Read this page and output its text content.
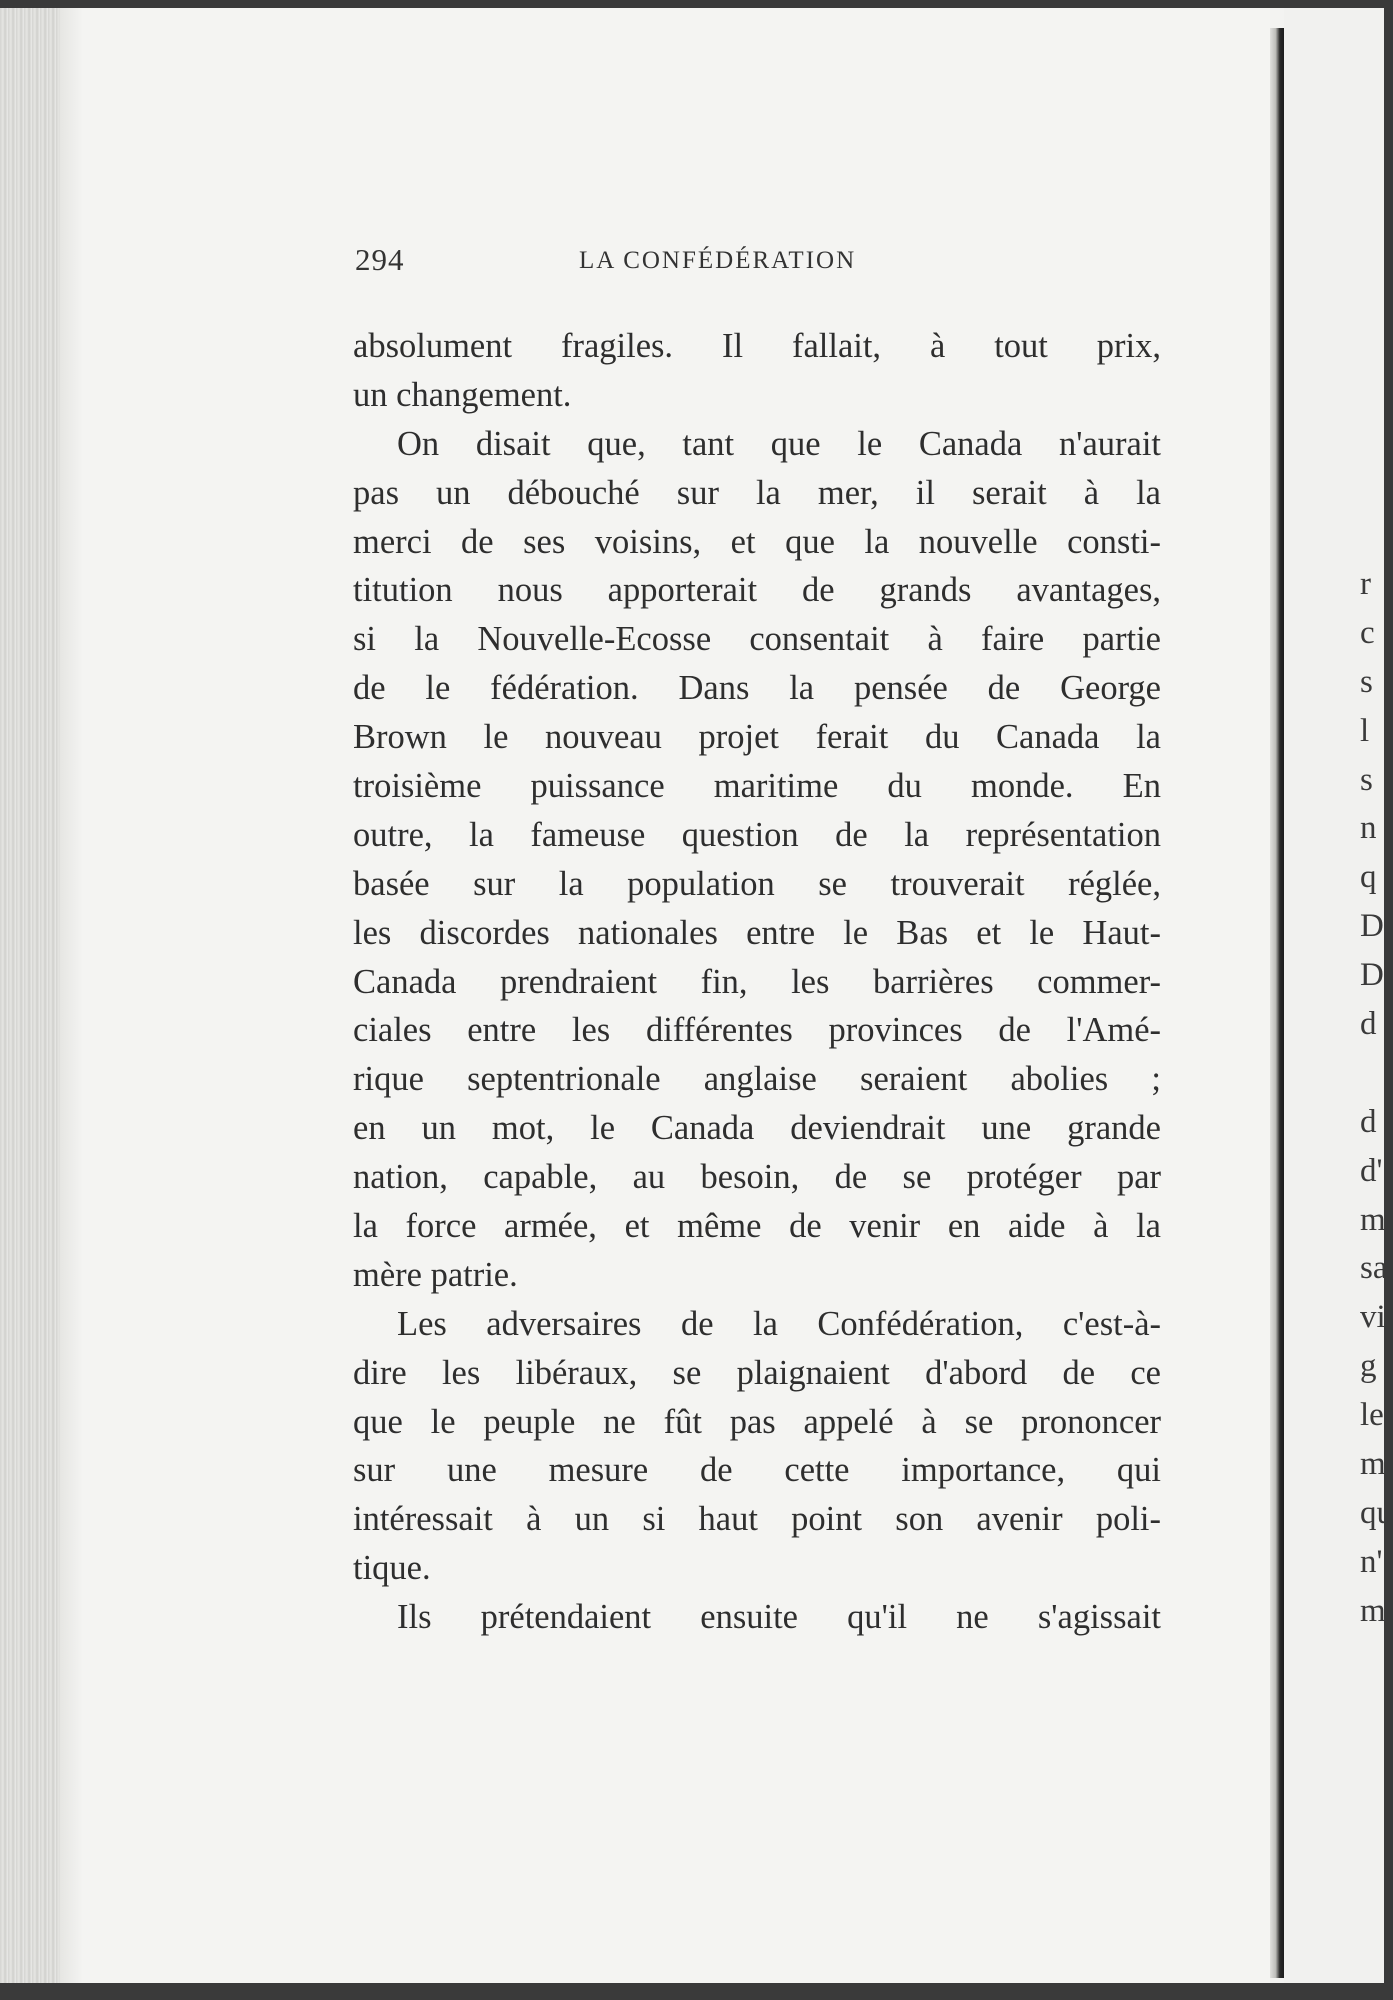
294	LA CONFÉDÉRATION
absolument fragiles. Il fallait, à tout prix,
un changement.
On disait que, tant que le Canada n'aurait
pas un débouché sur la mer, il serait à la
merci de ses voisins, et que la nouvelle consti-
titution nous apporterait de grands avantages,
si la Nouvelle-Ecosse consentait à faire partie
de le fédération. Dans la pensée de George
Brown le nouveau projet ferait du Canada la
troisième puissance maritime du monde. En
outre, la fameuse question de la représentation
basée sur la population se trouverait réglée,
les discordes nationales entre le Bas et le Haut-
Canada prendraient fin, les barrières commer-
ciales entre les différentes provinces de l'Amé-
rique septentrionale anglaise seraient abolies ;
en un mot, le Canada deviendrait une grande
nation, capable, au besoin, de se protéger par
la force armée, et même de venir en aide à la
mère patrie.
Les adversaires de la Confédération, c'est-à-
dire les libéraux, se plaignaient d'abord de ce
que le peuple ne fût pas appelé à se prononcer
sur une mesure de cette importance, qui
intéressait à un si haut point son avenir poli-
tique.
Ils prétendaient ensuite qu'il ne s'agissait
r
c
s
l
s
n
q
D
D
d
d
d'
m
sa
vi
g
le
m
qu
n'
m
